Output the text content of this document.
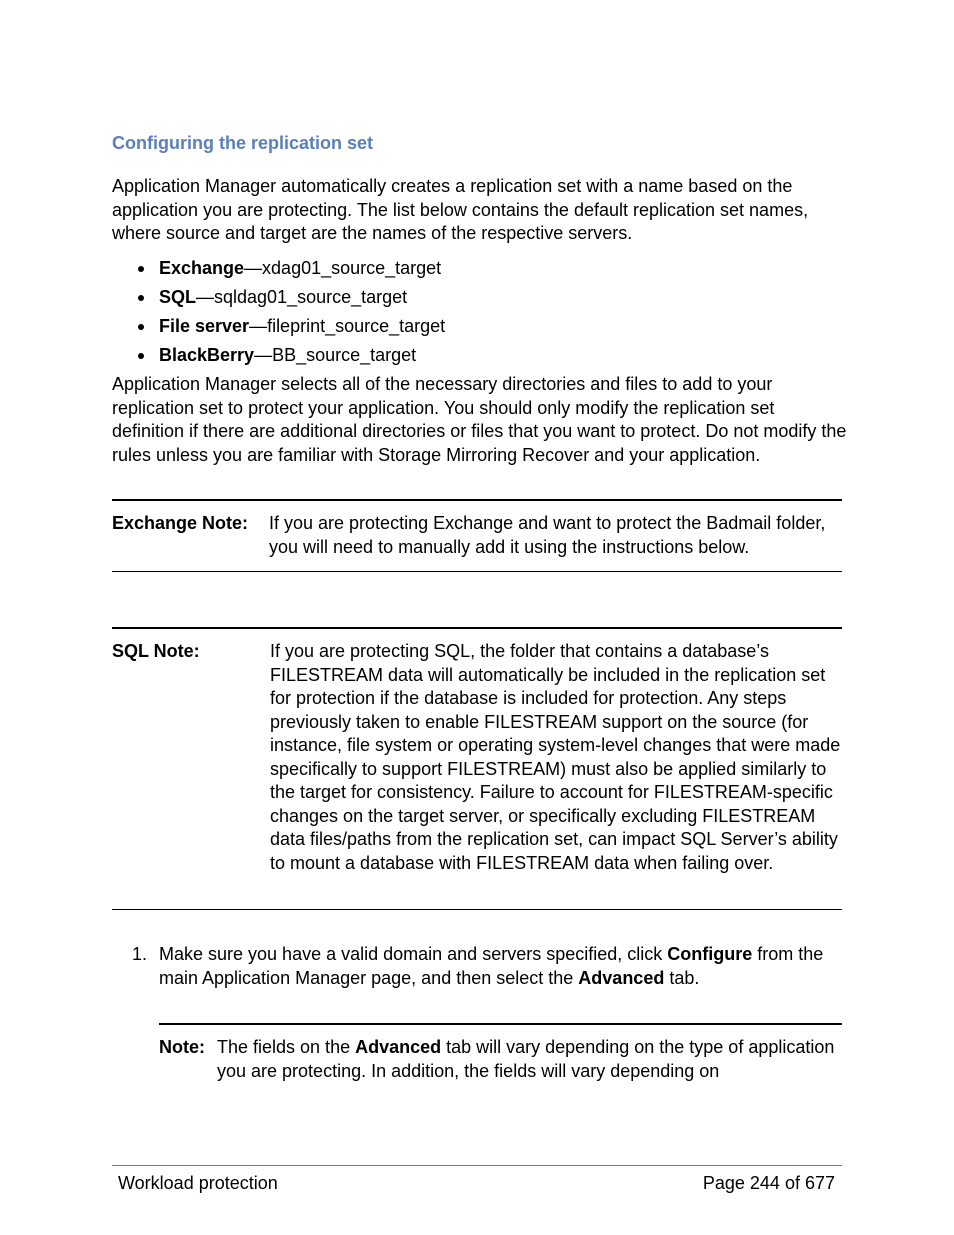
Configuring the replication set

Application Manager automatically creates a replication set with a name based on the application you are protecting. The list below contains the default replication set names, where source and target are the names of the respective servers.

Exchange—xdag01_source_target
SQL—sqldag01_source_target
File server—fileprint_source_target
BlackBerry—BB_source_target

Application Manager selects all of the necessary directories and files to add to your replication set to protect your application. You should only modify the replication set definition if there are additional directories or files that you want to protect. Do not modify the rules unless you are familiar with Storage Mirroring Recover and your application.

Exchange Note: If you are protecting Exchange and want to protect the Badmail folder, you will need to manually add it using the instructions below.

SQL Note:	If you are protecting SQL, the folder that contains a database’s FILESTREAM data will automatically be included in the replication set for protection if the database is included for protection. Any steps previously taken to enable FILESTREAM support on the source (for instance, file system or operating system-level changes that were made specifically to support FILESTREAM) must also be applied similarly to the target for consistency. Failure to account for FILESTREAM-specific changes on the target server, or specifically excluding FILESTREAM data files/paths from the replication set, can impact SQL Server’s ability to mount a database with FILESTREAM data when failing over.

1. Make sure you have a valid domain and servers specified, click Configure from the main Application Manager page, and then select the Advanced tab.

Note: The fields on the Advanced tab will vary depending on the type of application you are protecting. In addition, the fields will vary depending on

Workload protection	Page 244 of 677
